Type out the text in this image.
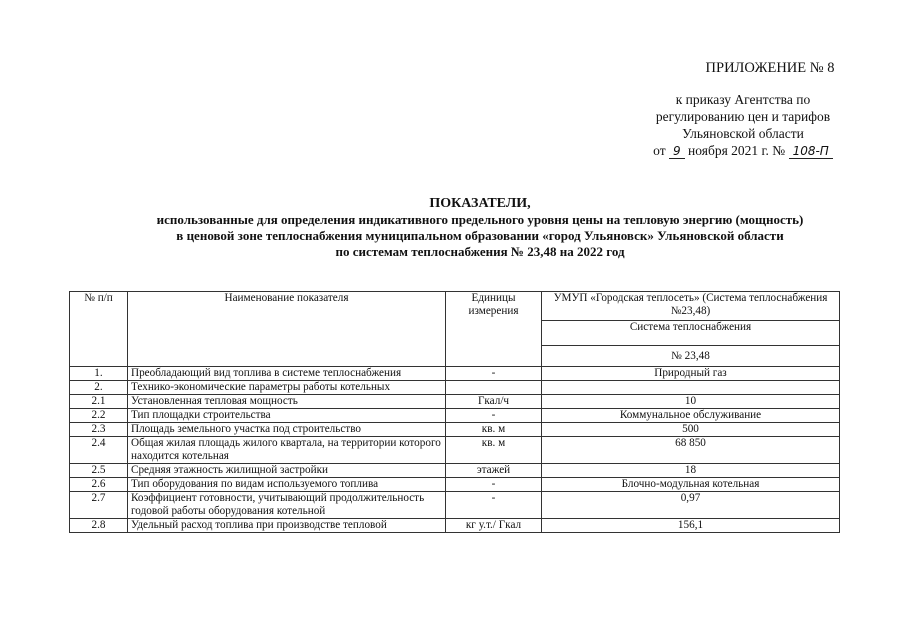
ПРИЛОЖЕНИЕ № 8
к приказу Агентства по
регулированию цен и тарифов
Ульяновской области
от 9 ноября 2021 г. № 108-П
ПОКАЗАТЕЛИ,
использованные для определения индикативного предельного уровня цены на тепловую энергию (мощность)
в ценовой зоне теплоснабжения муниципальном образовании «город Ульяновск» Ульяновской области
по системам теплоснабжения № 23,48 на 2022 год
№ п/п	Наименование показателя	Единицы измерения	УМУП «Городская теплосеть» (Система теплоснабжения №23,48)
			Система теплоснабжения
			№ 23,48
1.	Преобладающий вид топлива в системе теплоснабжения	-	Природный газ
2.	Технико-экономические параметры работы котельных		
2.1	Установленная тепловая мощность	Гкал/ч	10
2.2	Тип площадки строительства	-	Коммунальное обслуживание
2.3	Площадь земельного участка под строительство	кв. м	500
2.4	Общая жилая площадь жилого квартала, на территории которого находится котельная	кв. м	68 850
2.5	Средняя этажность жилищной застройки	этажей	18
2.6	Тип оборудования по видам используемого топлива	-	Блочно-модульная котельная
2.7	Коэффициент готовности, учитывающий продолжительность годовой работы оборудования котельной	-	0,97
2.8	Удельный расход топлива при производстве тепловой	кг у.т./ Гкал	156,1
